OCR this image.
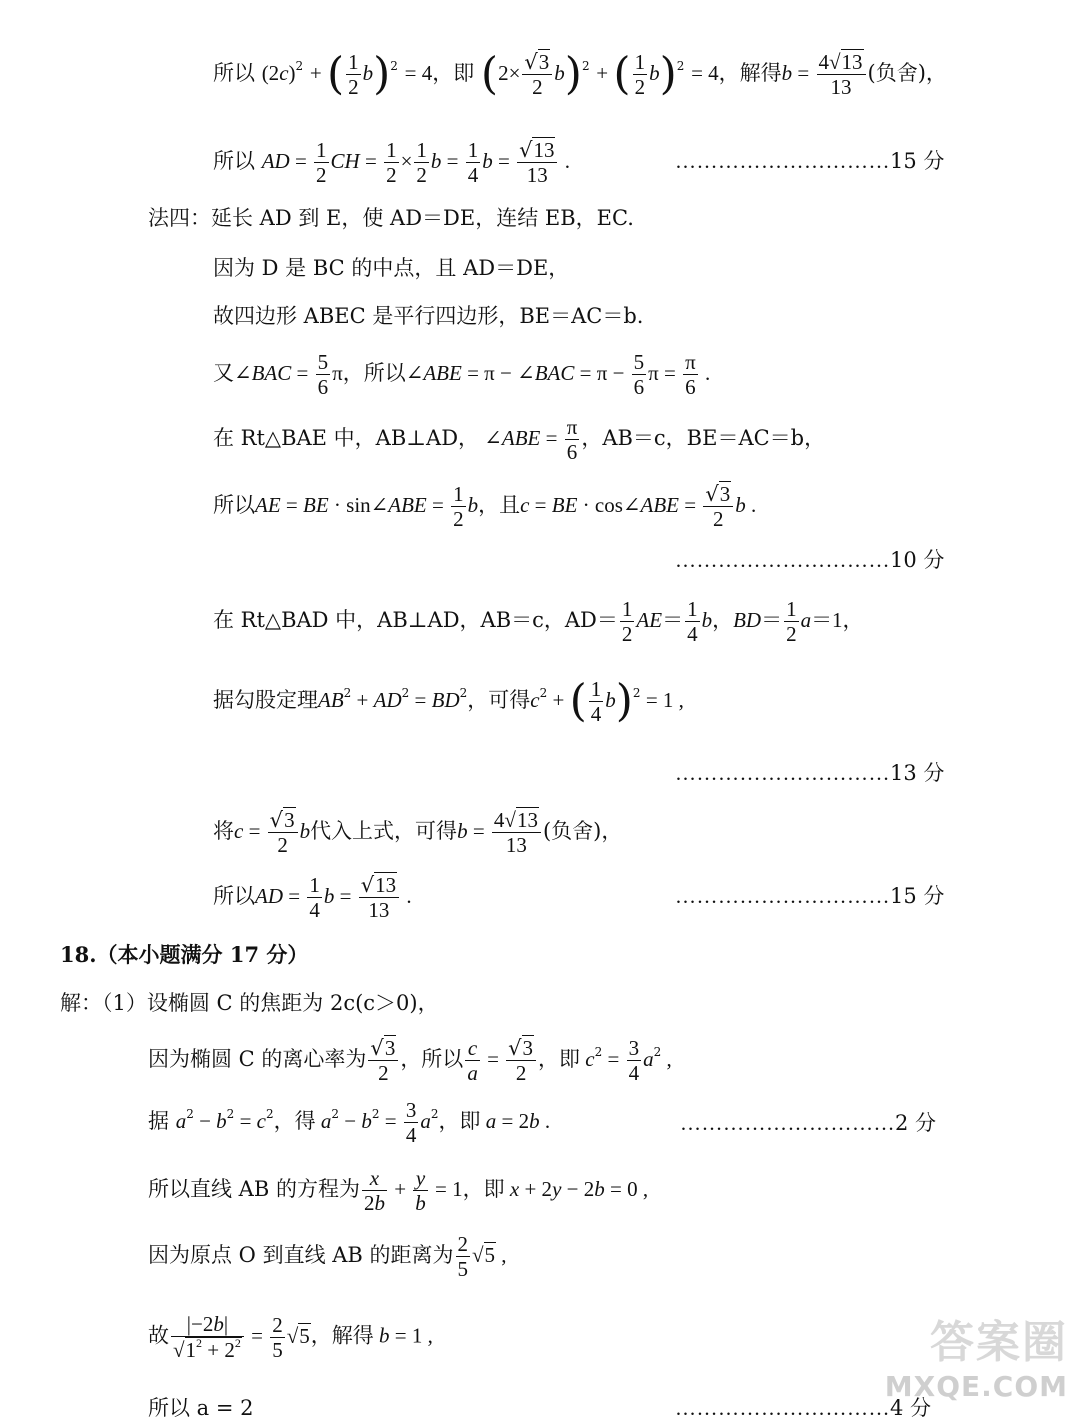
所以 $(2c)^2$ + ( $\frac{1}{2} b)^2 = 4$，即 $(2\times \frac{√3}{2} b)^2$ + ( $\frac{1}{2} b)^2 = 4$，解得$b = \frac{4√13}{13}$ (负舍)，
所以 AD = $\frac{1}{2}$ CH = $\frac{1}{2} \times \frac{1}{2}$ $b = \frac{1}{4}$ $b = \frac{√13}{13}$ .	…………………………15 分
法四：延长 AD 到 E，使 AD＝DE，连结 EB，EC.
因为 D 是 BC 的中点，且 AD＝DE，
故四边形 ABEC 是平行四边形，BE＝AC＝b.
又∠BAC = $\frac{5}{6}$ π，所以∠ABE = π − ∠BAC = $\pi - \frac{5}{6}$ $\pi = \frac{\pi}{6}$ .
在 Rt△BAE 中，AB⊥AD， ∠ABE = $\frac{\pi}{6}$ ，AB＝c，BE＝AC＝b，
所以AE = BE · sin∠ABE = $\frac{1}{2}$ b，且c = BE · cos∠ABE = $\frac{√3}{2}$ b .
…………………………10 分
在 Rt△BAD 中，AB⊥AD，AB＝c，$AD= \frac{1}{2} AE= \frac{1}{4}$ b，$BD= \frac{1}{2} a=1$，
据勾股定理$AB^2 + AD^2 = BD^2$，可得$c^2$ + ( $\frac{1}{4} b)^2 = 1$ ,
…………………………13 分
将$c = \frac{√3}{2}$ b代入上式，可得$b = \frac{4√13}{13}$ (负舍)，
所以AD = $\frac{1}{4}$ $b = \frac{√13}{13}$ .	…………………………15 分
18.（本小题满分 17 分）
解：（1）设椭圆 C 的焦距为 2c(c＞0)，
因为椭圆 C 的离心率为 $\frac{√3}{2}$ ，所以 $\frac{c}{a} = \frac{√3}{2}$ ，即 $c^2 = \frac{3}{4} a^2$ ,
据 $a^2 - b^2 = c^2$，得 $a^2 - b^2 = \frac{3}{4} a^2$，即 a = 2b .	…………………………2 分
所以直线 AB 的方程为 $\frac{x}{2b} + \frac{y}{b} = 1$，即 x + 2y − 2b = 0 ,
因为原点 O 到直线 AB 的距离为 $\frac{2}{5} √5$ ,
故 $\frac{|-2b|}{√1^2 + 2^2} = \frac{2}{5} √5$，解得 b = 1 ,
所以 a = 2	…………………………4 分
答案圈
MXQE.COM
